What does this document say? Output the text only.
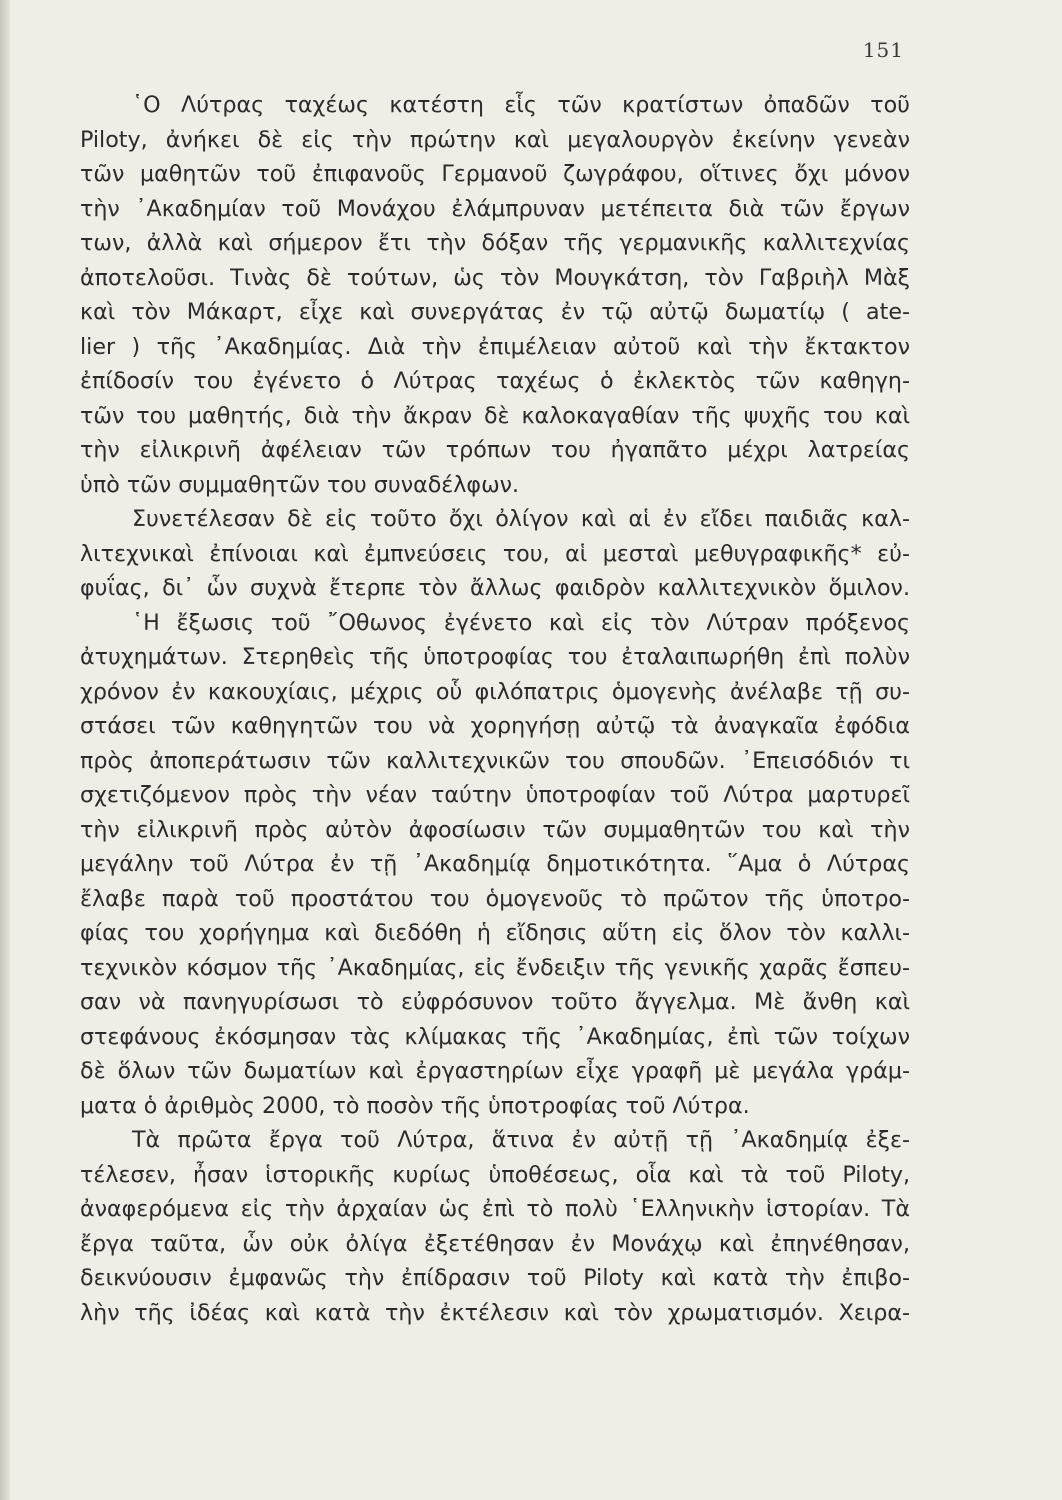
151
῾Ο Λύτρας ταχέως κατέστη εἷς τῶν κρατίστων ὀπαδῶν τοῦ
Piloty, ἀνήκει δὲ εἰς τὴν πρώτην καὶ μεγαλουργὸν ἐκείνην γενεὰν
τῶν μαθητῶν τοῦ ἐπιφανοῦς Γερμανοῦ ζωγράφου, οἵτινες ὄχι μόνον
τὴν ᾿Ακαδημίαν τοῦ Μονάχου ἐλάμπρυναν μετέπειτα διὰ τῶν ἔργων
των, ἀλλὰ καὶ σήμερον ἔτι τὴν δόξαν τῆς γερμανικῆς καλλιτεχνίας
ἀποτελοῦσι. Τινὰς δὲ τούτων, ὡς τὸν Μουγκάτση, τὸν Γαβριὴλ Μὰξ
καὶ τὸν Μάκαρτ, εἶχε καὶ συνεργάτας ἐν τῷ αὐτῷ δωματίῳ ( ate-
lier ) τῆς ᾿Ακαδημίας. Διὰ τὴν ἐπιμέλειαν αὐτοῦ καὶ τὴν ἔκτακτον
ἐπίδοσίν του ἐγένετο ὁ Λύτρας ταχέως ὁ ἐκλεκτὸς τῶν καθηγη-
τῶν του μαθητής, διὰ τὴν ἄκραν δὲ καλοκαγαθίαν τῆς ψυχῆς του καὶ
τὴν εἰλικρινῆ ἀφέλειαν τῶν τρόπων του ἠγαπᾶτο μέχρι λατρείας
ὑπὸ τῶν συμμαθητῶν του συναδέλφων.
Συνετέλεσαν δὲ εἰς τοῦτο ὄχι ὀλίγον καὶ αἱ ἐν εἴδει παιδιᾶς καλ-
λιτεχνικαὶ ἐπίνοιαι καὶ ἐμπνεύσεις του, αἱ μεσταὶ μεθυγραφικῆς* εὐ-
φυΐας, δι᾽ ὧν συχνὰ ἔτερπε τὸν ἄλλως φαιδρὸν καλλιτεχνικὸν ὅμιλον.
῾Η ἔξωσις τοῦ ῎Οθωνος ἐγένετο καὶ εἰς τὸν Λύτραν πρόξενος
ἀτυχημάτων. Στερηθεὶς τῆς ὑποτροφίας του ἐταλαιπωρήθη ἐπὶ πολὺν
χρόνον ἐν κακουχίαις, μέχρις οὗ φιλόπατρις ὁμογενὴς ἀνέλαβε τῇ συ-
στάσει τῶν καθηγητῶν του νὰ χορηγήσῃ αὐτῷ τὰ ἀναγκαῖα ἐφόδια
πρὸς ἀποπεράτωσιν τῶν καλλιτεχνικῶν του σπουδῶν. ᾿Επεισόδιόν τι
σχετιζόμενον πρὸς τὴν νέαν ταύτην ὑποτροφίαν τοῦ Λύτρα μαρτυρεῖ
τὴν εἰλικρινῆ πρὸς αὐτὸν ἀφοσίωσιν τῶν συμμαθητῶν του καὶ τὴν
μεγάλην τοῦ Λύτρα ἐν τῇ ᾿Ακαδημίᾳ δημοτικότητα. ῞Αμα ὁ Λύτρας
ἔλαβε παρὰ τοῦ προστάτου του ὁμογενοῦς τὸ πρῶτον τῆς ὑποτρο-
φίας του χορήγημα καὶ διεδόθη ἡ εἴδησις αὕτη εἰς ὅλον τὸν καλλι-
τεχνικὸν κόσμον τῆς ᾿Ακαδημίας, εἰς ἔνδειξιν τῆς γενικῆς χαρᾶς ἔσπευ-
σαν νὰ πανηγυρίσωσι τὸ εὐφρόσυνον τοῦτο ἄγγελμα. Μὲ ἄνθη καὶ
στεφάνους ἐκόσμησαν τὰς κλίμακας τῆς ᾿Ακαδημίας, ἐπὶ τῶν τοίχων
δὲ ὅλων τῶν δωματίων καὶ ἐργαστηρίων εἶχε γραφῆ μὲ μεγάλα γράμ-
ματα ὁ ἀριθμὸς 2000, τὸ ποσὸν τῆς ὑποτροφίας τοῦ Λύτρα.
Τὰ πρῶτα ἔργα τοῦ Λύτρα, ἅτινα ἐν αὐτῇ τῇ ᾿Ακαδημίᾳ ἐξε-
τέλεσεν, ἦσαν ἱστορικῆς κυρίως ὑποθέσεως, οἷα καὶ τὰ τοῦ Piloty,
ἀναφερόμενα εἰς τὴν ἀρχαίαν ὡς ἐπὶ τὸ πολὺ ῾Ελληνικὴν ἱστορίαν. Τὰ
ἔργα ταῦτα, ὧν οὐκ ὀλίγα ἐξετέθησαν ἐν Μονάχῳ καὶ ἐπηνέθησαν,
δεικνύουσιν ἐμφανῶς τὴν ἐπίδρασιν τοῦ Piloty καὶ κατὰ τὴν ἐπιβο-
λὴν τῆς ἰδέας καὶ κατὰ τὴν ἐκτέλεσιν καὶ τὸν χρωματισμόν. Χειρα-
